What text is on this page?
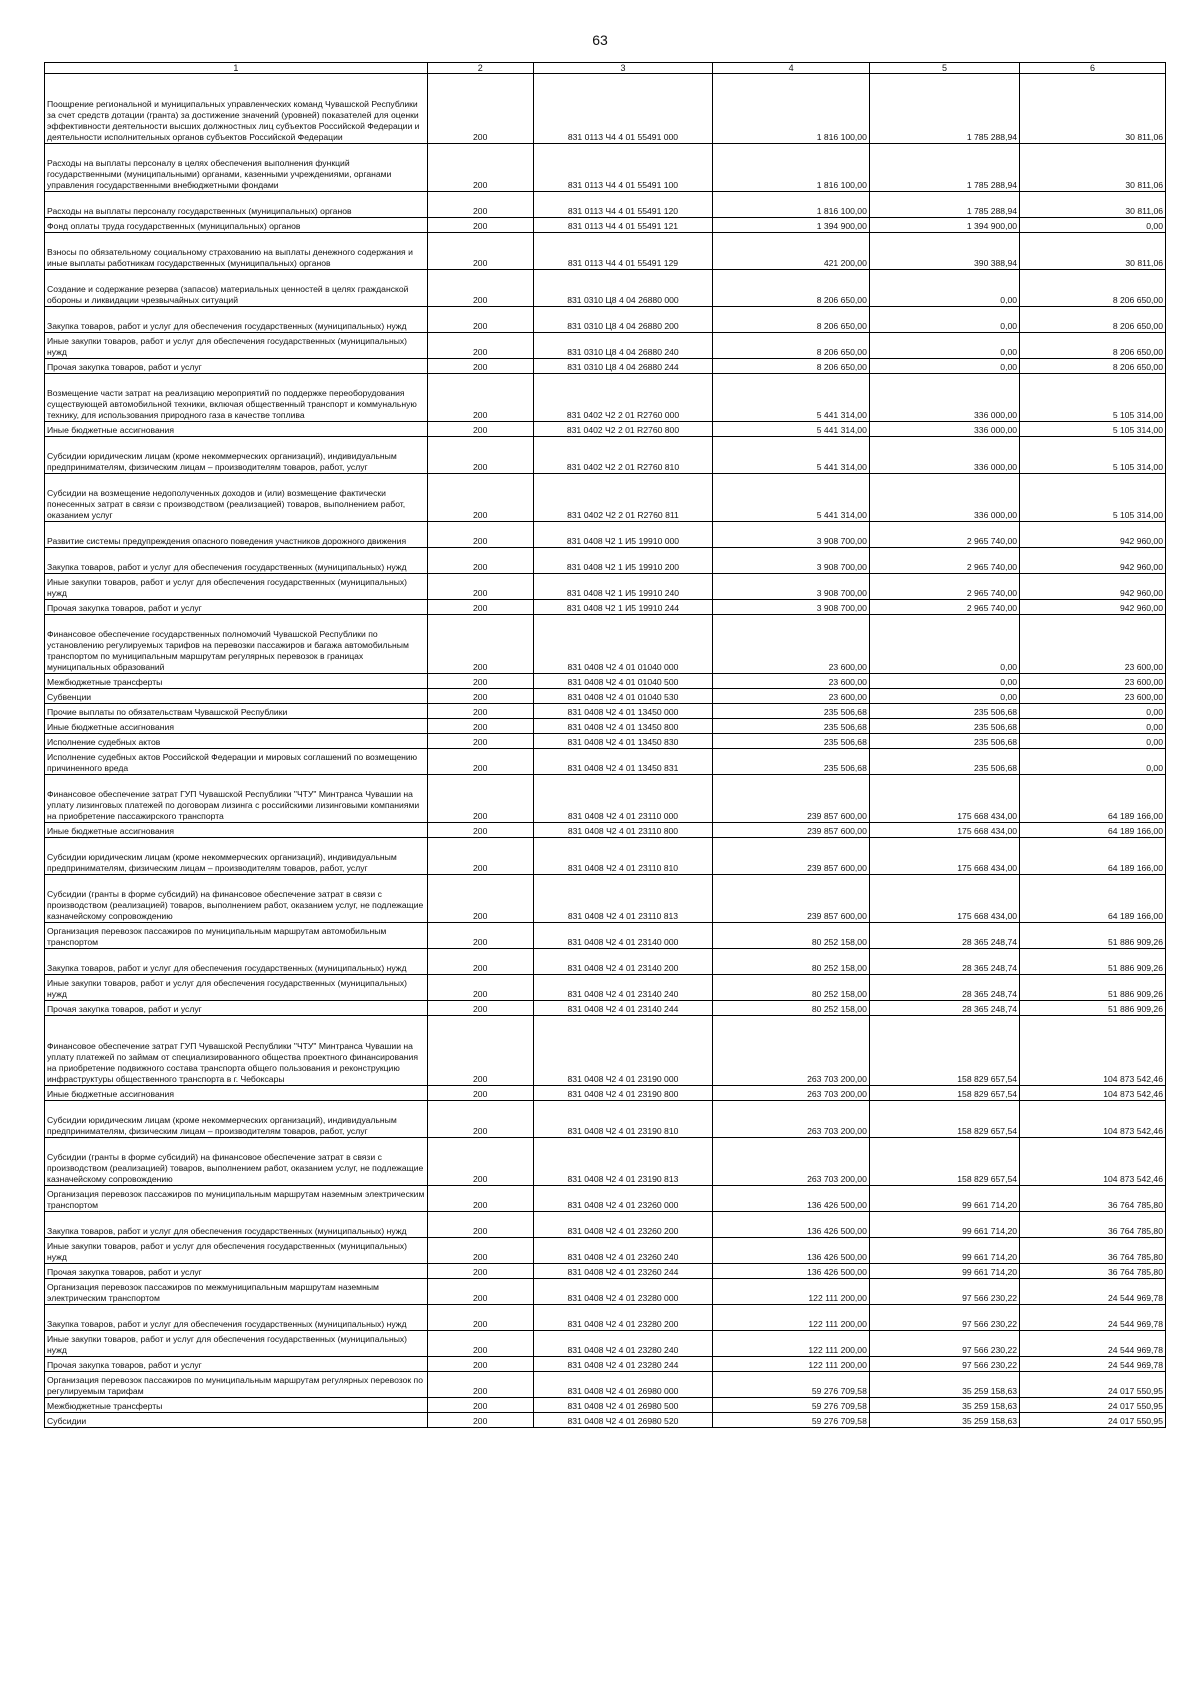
63
1	2	3	4	5	6
Поощрение региональной и муниципальных управленческих команд Чувашской Республики за счет средств дотации (гранта) за достижение значений (уровней) показателей для оценки эффективности деятельности высших должностных лиц субъектов Российской Федерации и деятельности исполнительных органов субъектов Российской Федерации	200	831 0113 Ч4 4 01 55491 000	1 816 100,00	1 785 288,94	30 811,06
Расходы на выплаты персоналу в целях обеспечения выполнения функций государственными (муниципальными) органами, казенными учреждениями, органами управления государственными внебюджетными фондами	200	831 0113 Ч4 4 01 55491 100	1 816 100,00	1 785 288,94	30 811,06
Расходы на выплаты персоналу государственных (муниципальных) органов	200	831 0113 Ч4 4 01 55491 120	1 816 100,00	1 785 288,94	30 811,06
Фонд оплаты труда государственных (муниципальных) органов	200	831 0113 Ч4 4 01 55491 121	1 394 900,00	1 394 900,00	0,00
Взносы по обязательному социальному страхованию на выплаты денежного содержания и иные выплаты работникам государственных (муниципальных) органов	200	831 0113 Ч4 4 01 55491 129	421 200,00	390 388,94	30 811,06
Создание и содержание резерва (запасов) материальных ценностей в целях гражданской обороны и ликвидации чрезвычайных ситуаций	200	831 0310 Ц8 4 04 26880 000	8 206 650,00	0,00	8 206 650,00
Закупка товаров, работ и услуг для обеспечения государственных (муниципальных) нужд	200	831 0310 Ц8 4 04 26880 200	8 206 650,00	0,00	8 206 650,00
Иные закупки товаров, работ и услуг для обеспечения государственных (муниципальных) нужд	200	831 0310 Ц8 4 04 26880 240	8 206 650,00	0,00	8 206 650,00
Прочая закупка товаров, работ и услуг	200	831 0310 Ц8 4 04 26880 244	8 206 650,00	0,00	8 206 650,00
Возмещение части затрат на реализацию мероприятий по поддержке переоборудования существующей автомобильной техники, включая общественный транспорт и коммунальную технику, для использования природного газа в качестве топлива	200	831 0402 Ч2 2 01 R2760 000	5 441 314,00	336 000,00	5 105 314,00
Иные бюджетные ассигнования	200	831 0402 Ч2 2 01 R2760 800	5 441 314,00	336 000,00	5 105 314,00
Субсидии юридическим лицам (кроме некоммерческих организаций), индивидуальным предпринимателям, физическим лицам – производителям товаров, работ, услуг	200	831 0402 Ч2 2 01 R2760 810	5 441 314,00	336 000,00	5 105 314,00
Субсидии на возмещение недополученных доходов и (или) возмещение фактически понесенных затрат в связи с производством (реализацией) товаров, выполнением работ, оказанием услуг	200	831 0402 Ч2 2 01 R2760 811	5 441 314,00	336 000,00	5 105 314,00
Развитие системы предупреждения опасного поведения участников дорожного движения	200	831 0408 Ч2 1 И5 19910 000	3 908 700,00	2 965 740,00	942 960,00
Закупка товаров, работ и услуг для обеспечения государственных (муниципальных) нужд	200	831 0408 Ч2 1 И5 19910 200	3 908 700,00	2 965 740,00	942 960,00
Иные закупки товаров, работ и услуг для обеспечения государственных (муниципальных) нужд	200	831 0408 Ч2 1 И5 19910 240	3 908 700,00	2 965 740,00	942 960,00
Прочая закупка товаров, работ и услуг	200	831 0408 Ч2 1 И5 19910 244	3 908 700,00	2 965 740,00	942 960,00
Финансовое обеспечение государственных полномочий Чувашской Республики по установлению регулируемых тарифов на перевозки пассажиров и багажа автомобильным транспортом по муниципальным маршрутам регулярных перевозок в границах муниципальных образований	200	831 0408 Ч2 4 01 01040 000	23 600,00	0,00	23 600,00
Межбюджетные трансферты	200	831 0408 Ч2 4 01 01040 500	23 600,00	0,00	23 600,00
Субвенции	200	831 0408 Ч2 4 01 01040 530	23 600,00	0,00	23 600,00
Прочие выплаты по обязательствам Чувашской Республики	200	831 0408 Ч2 4 01 13450 000	235 506,68	235 506,68	0,00
Иные бюджетные ассигнования	200	831 0408 Ч2 4 01 13450 800	235 506,68	235 506,68	0,00
Исполнение судебных актов	200	831 0408 Ч2 4 01 13450 830	235 506,68	235 506,68	0,00
Исполнение судебных актов Российской Федерации и мировых соглашений по возмещению причиненного вреда	200	831 0408 Ч2 4 01 13450 831	235 506,68	235 506,68	0,00
Финансовое обеспечение затрат ГУП Чувашской Республики "ЧТУ" Минтранса Чувашии на уплату лизинговых платежей по договорам лизинга с российскими лизинговыми компаниями на приобретение пассажирского транспорта	200	831 0408 Ч2 4 01 23110 000	239 857 600,00	175 668 434,00	64 189 166,00
Иные бюджетные ассигнования	200	831 0408 Ч2 4 01 23110 800	239 857 600,00	175 668 434,00	64 189 166,00
Субсидии юридическим лицам (кроме некоммерческих организаций), индивидуальным предпринимателям, физическим лицам – производителям товаров, работ, услуг	200	831 0408 Ч2 4 01 23110 810	239 857 600,00	175 668 434,00	64 189 166,00
Субсидии (гранты в форме субсидий) на финансовое обеспечение затрат в связи с производством (реализацией) товаров, выполнением работ, оказанием услуг, не подлежащие казначейскому сопровождению	200	831 0408 Ч2 4 01 23110 813	239 857 600,00	175 668 434,00	64 189 166,00
Организация перевозок пассажиров по муниципальным маршрутам автомобильным транспортом	200	831 0408 Ч2 4 01 23140 000	80 252 158,00	28 365 248,74	51 886 909,26
Закупка товаров, работ и услуг для обеспечения государственных (муниципальных) нужд	200	831 0408 Ч2 4 01 23140 200	80 252 158,00	28 365 248,74	51 886 909,26
Иные закупки товаров, работ и услуг для обеспечения государственных (муниципальных) нужд	200	831 0408 Ч2 4 01 23140 240	80 252 158,00	28 365 248,74	51 886 909,26
Прочая закупка товаров, работ и услуг	200	831 0408 Ч2 4 01 23140 244	80 252 158,00	28 365 248,74	51 886 909,26
Финансовое обеспечение затрат ГУП Чувашской Республики "ЧТУ" Минтранса Чувашии на уплату платежей по займам от специализированного общества проектного финансирования на приобретение подвижного состава транспорта общего пользования и реконструкцию инфраструктуры общественного транспорта в г. Чебоксары	200	831 0408 Ч2 4 01 23190 000	263 703 200,00	158 829 657,54	104 873 542,46
Иные бюджетные ассигнования	200	831 0408 Ч2 4 01 23190 800	263 703 200,00	158 829 657,54	104 873 542,46
Субсидии юридическим лицам (кроме некоммерческих организаций), индивидуальным предпринимателям, физическим лицам – производителям товаров, работ, услуг	200	831 0408 Ч2 4 01 23190 810	263 703 200,00	158 829 657,54	104 873 542,46
Субсидии (гранты в форме субсидий) на финансовое обеспечение затрат в связи с производством (реализацией) товаров, выполнением работ, оказанием услуг, не подлежащие казначейскому сопровождению	200	831 0408 Ч2 4 01 23190 813	263 703 200,00	158 829 657,54	104 873 542,46
Организация перевозок пассажиров по муниципальным маршрутам наземным электрическим транспортом	200	831 0408 Ч2 4 01 23260 000	136 426 500,00	99 661 714,20	36 764 785,80
Закупка товаров, работ и услуг для обеспечения государственных (муниципальных) нужд	200	831 0408 Ч2 4 01 23260 200	136 426 500,00	99 661 714,20	36 764 785,80
Иные закупки товаров, работ и услуг для обеспечения государственных (муниципальных) нужд	200	831 0408 Ч2 4 01 23260 240	136 426 500,00	99 661 714,20	36 764 785,80
Прочая закупка товаров, работ и услуг	200	831 0408 Ч2 4 01 23260 244	136 426 500,00	99 661 714,20	36 764 785,80
Организация перевозок пассажиров по межмуниципальным маршрутам наземным электрическим транспортом	200	831 0408 Ч2 4 01 23280 000	122 111 200,00	97 566 230,22	24 544 969,78
Закупка товаров, работ и услуг для обеспечения государственных (муниципальных) нужд	200	831 0408 Ч2 4 01 23280 200	122 111 200,00	97 566 230,22	24 544 969,78
Иные закупки товаров, работ и услуг для обеспечения государственных (муниципальных) нужд	200	831 0408 Ч2 4 01 23280 240	122 111 200,00	97 566 230,22	24 544 969,78
Прочая закупка товаров, работ и услуг	200	831 0408 Ч2 4 01 23280 244	122 111 200,00	97 566 230,22	24 544 969,78
Организация перевозок пассажиров по муниципальным маршрутам регулярных перевозок по регулируемым тарифам	200	831 0408 Ч2 4 01 26980 000	59 276 709,58	35 259 158,63	24 017 550,95
Межбюджетные трансферты	200	831 0408 Ч2 4 01 26980 500	59 276 709,58	35 259 158,63	24 017 550,95
Субсидии	200	831 0408 Ч2 4 01 26980 520	59 276 709,58	35 259 158,63	24 017 550,95
